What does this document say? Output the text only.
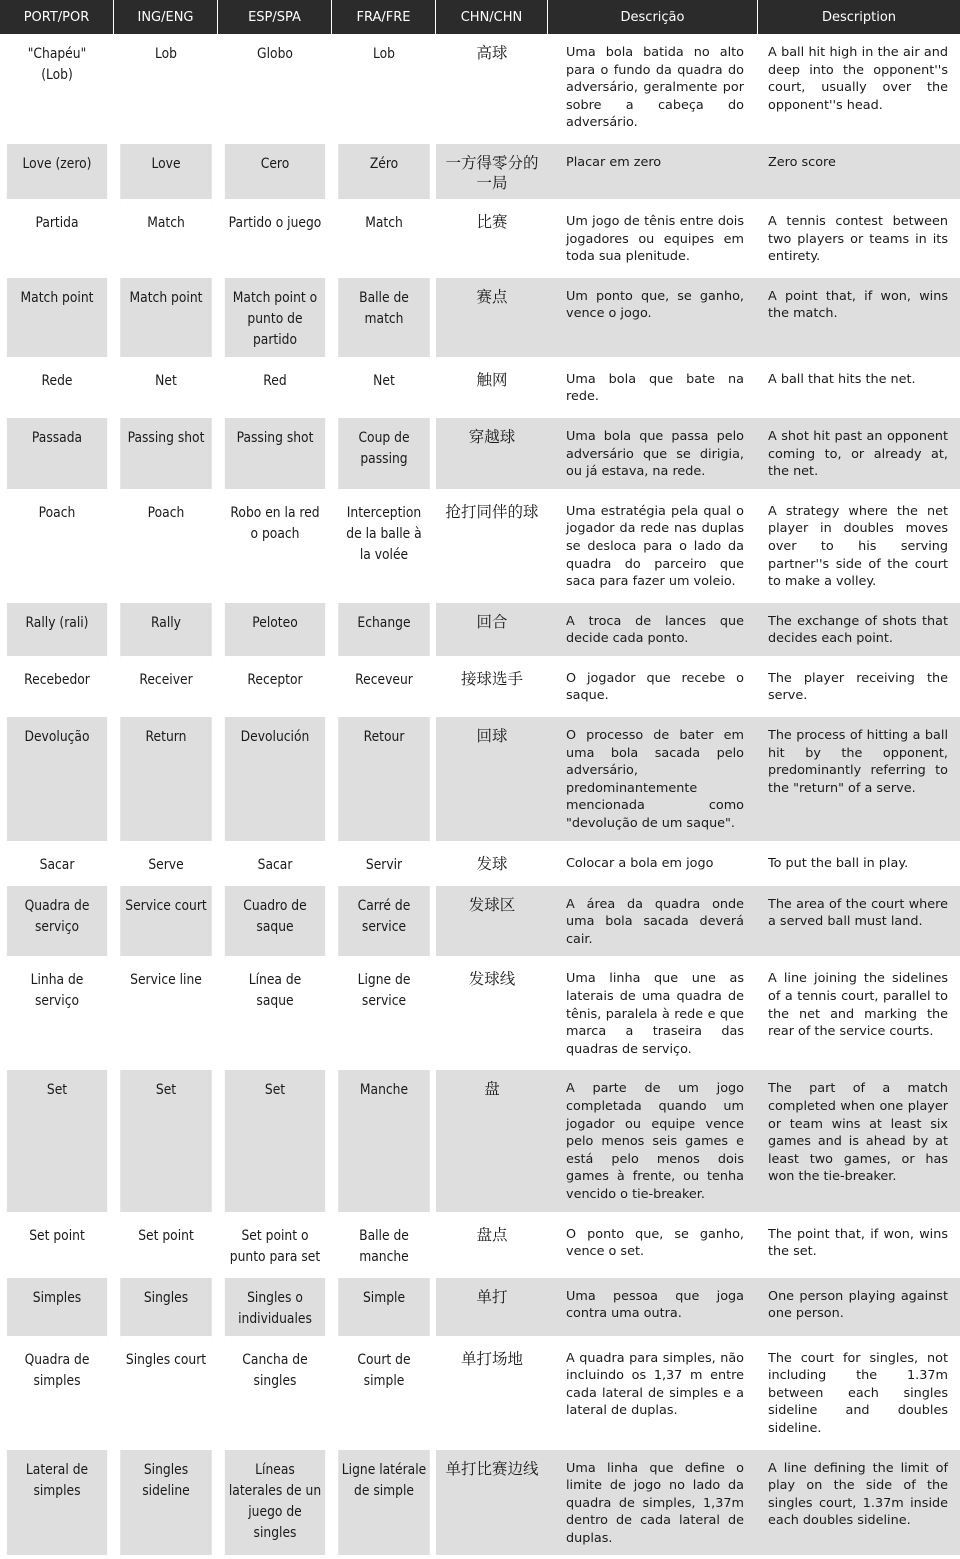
PORT/POR	ING/ENG	ESP/SPA	FRA/FRE	CHN/CHN	Descrição	Description
"Chapéu" (Lob)	Lob	Globo	Lob	高球	Uma bola batida no alto para o fundo da quadra do adversário, geralmente por sobre a cabeça do adversário.	A ball hit high in the air and deep into the opponent''s court, usually over the opponent''s head.
Love (zero)	Love	Cero	Zéro	一方得零分的一局	Placar em zero	Zero score
Partida	Match	Partido o juego	Match	比赛	Um jogo de tênis entre dois jogadores ou equipes em toda sua plenitude.	A tennis contest between two players or teams in its entirety.
Match point	Match point	Match point o punto de partido	Balle de match	赛点	Um ponto que, se ganho, vence o jogo.	A point that, if won, wins the match.
Rede	Net	Red	Net	触网	Uma bola que bate na rede.	A ball that hits the net.
Passada	Passing shot	Passing shot	Coup de passing	穿越球	Uma bola que passa pelo adversário que se dirigia, ou já estava, na rede.	A shot hit past an opponent coming to, or already at, the net.
Poach	Poach	Robo en la red o poach	Interception de la balle à la volée	抢打同伴的球	Uma estratégia pela qual o jogador da rede nas duplas se desloca para o lado da quadra do parceiro que saca para fazer um voleio.	A strategy where the net player in doubles moves over to his serving partner''s side of the court to make a volley.
Rally (rali)	Rally	Peloteo	Echange	回合	A troca de lances que decide cada ponto.	The exchange of shots that decides each point.
Recebedor	Receiver	Receptor	Receveur	接球选手	O jogador que recebe o saque.	The player receiving the serve.
Devolução	Return	Devolución	Retour	回球	O processo de bater em uma bola sacada pelo adversário, predominantemente mencionada como "devolução de um saque".	The process of hitting a ball hit by the opponent, predominantly referring to the "return" of a serve.
Sacar	Serve	Sacar	Servir	发球	Colocar a bola em jogo	To put the ball in play.
Quadra de serviço	Service court	Cuadro de saque	Carré de service	发球区	A área da quadra onde uma bola sacada deverá cair.	The area of the court where a served ball must land.
Linha de serviço	Service line	Línea de saque	Ligne de service	发球线	Uma linha que une as laterais de uma quadra de tênis, paralela à rede e que marca a traseira das quadras de serviço.	A line joining the sidelines of a tennis court, parallel to the net and marking the rear of the service courts.
Set	Set	Set	Manche	盘	A parte de um jogo completada quando um jogador ou equipe vence pelo menos seis games e está pelo menos dois games à frente, ou tenha vencido o tie-breaker.	The part of a match completed when one player or team wins at least six games and is ahead by at least two games, or has won the tie-breaker.
Set point	Set point	Set point o punto para set	Balle de manche	盘点	O ponto que, se ganho, vence o set.	The point that, if won, wins the set.
Simples	Singles	Singles o individuales	Simple	单打	Uma pessoa que joga contra uma outra.	One person playing against one person.
Quadra de simples	Singles court	Cancha de singles	Court de simple	单打场地	A quadra para simples, não incluindo os 1,37 m entre cada lateral de simples e a lateral de duplas.	The court for singles, not including the 1.37m between each singles sideline and doubles sideline.
Lateral de simples	Singles sideline	Líneas laterales de un juego de singles	Ligne latérale de simple	单打比赛边线	Uma linha que define o limite de jogo no lado da quadra de simples, 1,37m dentro de cada lateral de duplas.	A line defining the limit of play on the side of the singles court, 1.37m inside each doubles sideline.
